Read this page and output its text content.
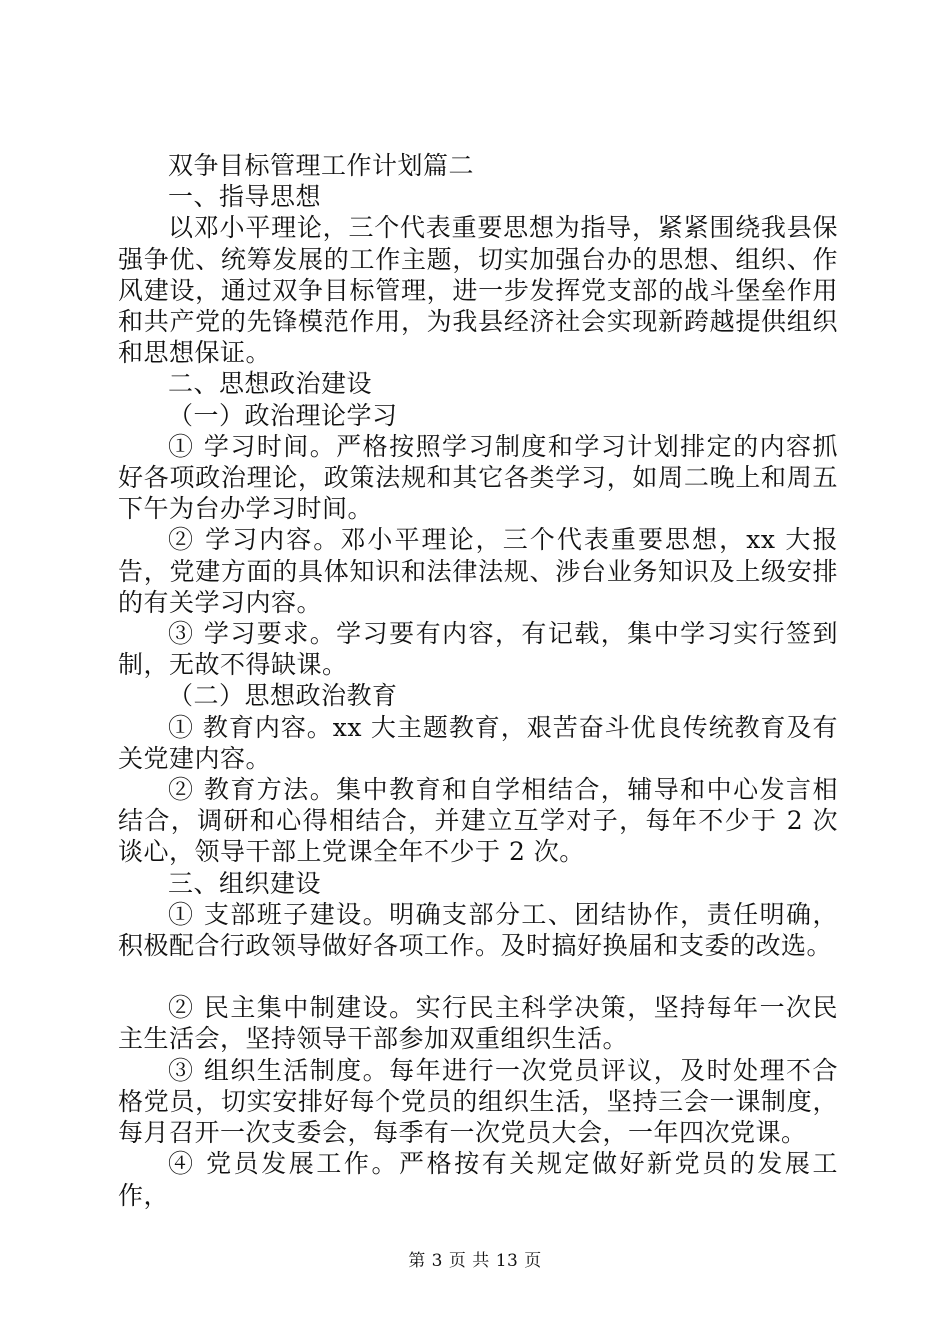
双争目标管理工作计划篇二

一、指导思想

以邓小平理论，三个代表重要思想为指导，紧紧围绕我县保强争优、统筹发展的工作主题，切实加强台办的思想、组织、作风建设，通过双争目标管理，进一步发挥党支部的战斗堡垒作用和共产党的先锋模范作用，为我县经济社会实现新跨越提供组织和思想保证。

二、思想政治建设

（一）政治理论学习

① 学习时间。严格按照学习制度和学习计划排定的内容抓好各项政治理论，政策法规和其它各类学习，如周二晚上和周五下午为台办学习时间。

② 学习内容。邓小平理论，三个代表重要思想，xx 大报告，党建方面的具体知识和法律法规、涉台业务知识及上级安排的有关学习内容。

③ 学习要求。学习要有内容，有记载，集中学习实行签到制，无故不得缺课。

（二）思想政治教育

① 教育内容。xx 大主题教育，艰苦奋斗优良传统教育及有关党建内容。

② 教育方法。集中教育和自学相结合，辅导和中心发言相结合，调研和心得相结合，并建立互学对子，每年不少于 2 次谈心，领导干部上党课全年不少于 2 次。

三、组织建设

① 支部班子建设。明确支部分工、团结协作，责任明确，积极配合行政领导做好各项工作。及时搞好换届和支委的改选。

② 民主集中制建设。实行民主科学决策，坚持每年一次民主生活会，坚持领导干部参加双重组织生活。

③ 组织生活制度。每年进行一次党员评议，及时处理不合格党员，切实安排好每个党员的组织生活，坚持三会一课制度，每月召开一次支委会，每季有一次党员大会，一年四次党课。

④ 党员发展工作。严格按有关规定做好新党员的发展工作，

第 3 页 共 13 页
